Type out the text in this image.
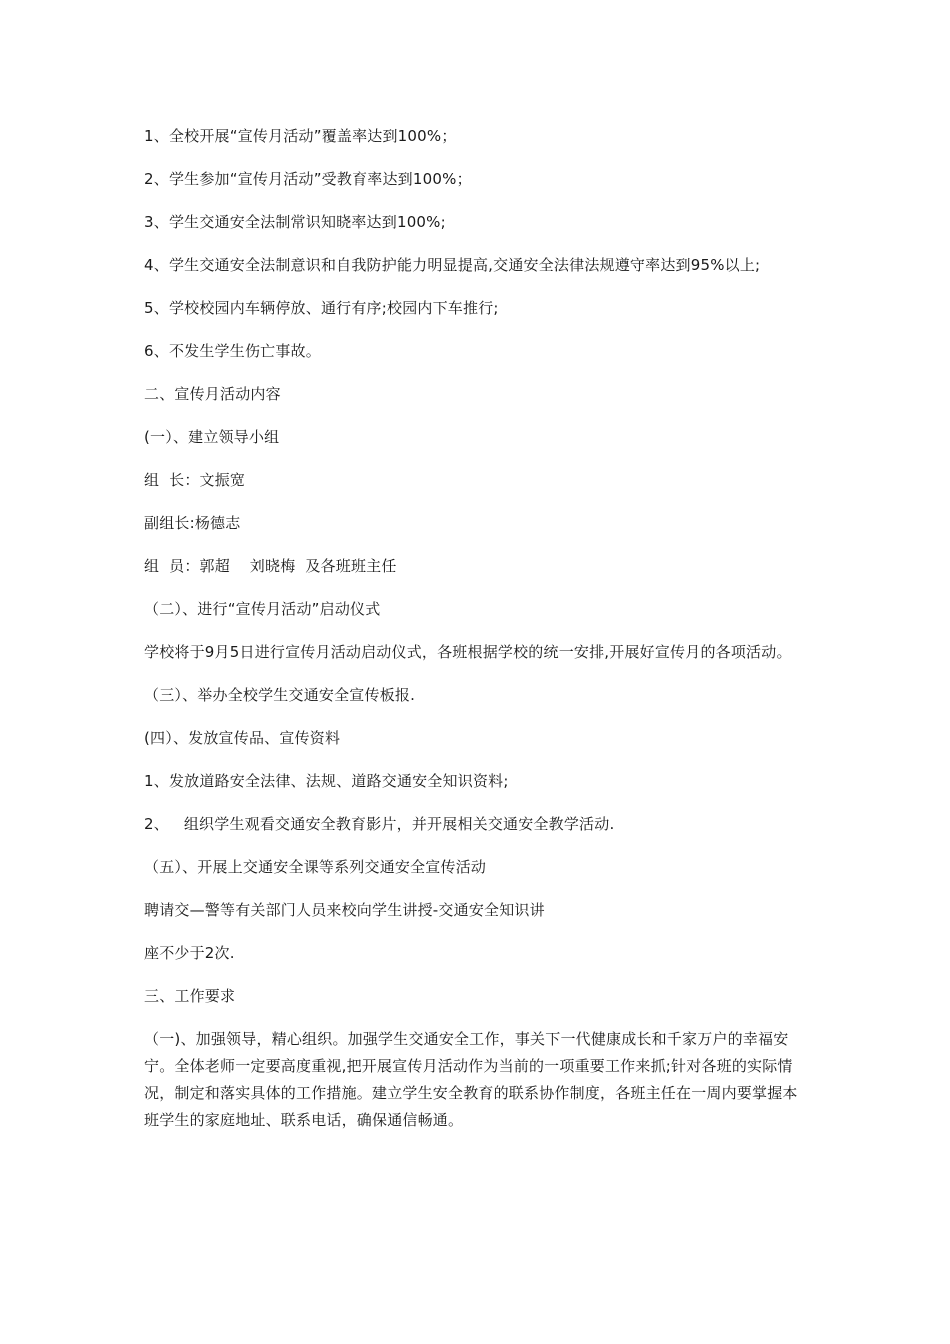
1、全校开展“宣传月活动”覆盖率达到100%；

2、学生参加“宣传月活动”受教育率达到100%；

3、学生交通安全法制常识知晓率达到100%;

4、学生交通安全法制意识和自我防护能力明显提高,交通安全法律法规遵守率达到95%以上;

5、学校校园内车辆停放、通行有序;校园内下车推行;

6、不发生学生伤亡事故。

二、宣传月活动内容

(一）、建立领导小组

组  长：文振宽

副组长:杨德志

组  员：郭超    刘晓梅  及各班班主任

（二）、进行“宣传月活动”启动仪式

学校将于9月5日进行宣传月活动启动仪式，各班根据学校的统一安排,开展好宣传月的各项活动。

（三）、举办全校学生交通安全宣传板报.

(四）、发放宣传品、宣传资料

1、发放道路安全法律、法规、道路交通安全知识资料;

2、   组织学生观看交通安全教育影片，并开展相关交通安全教学活动.

（五）、开展上交通安全课等系列交通安全宣传活动

聘请交—警等有关部门人员来校向学生讲授-交通安全知识讲

座不少于2次.

三、工作要求

（一)、加强领导，精心组织。加强学生交通安全工作，事关下一代健康成长和千家万户的幸福安宁。全体老师一定要高度重视,把开展宣传月活动作为当前的一项重要工作来抓;针对各班的实际情况，制定和落实具体的工作措施。建立学生安全教育的联系协作制度，各班主任在一周内要掌握本班学生的家庭地址、联系电话，确保通信畅通。
